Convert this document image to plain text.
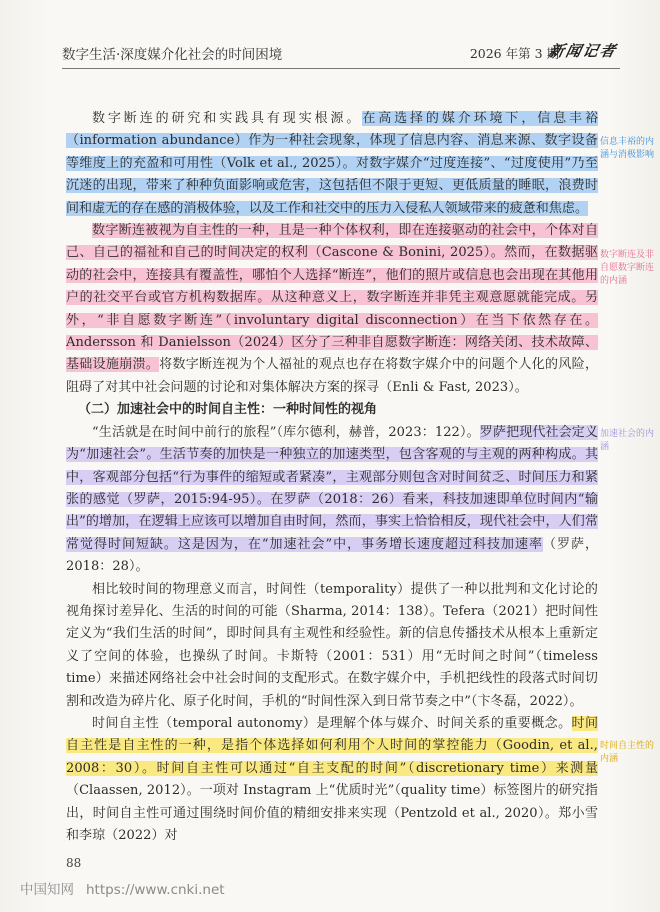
数字生活·深度媒介化社会的时间困境	2026 年第 3 期
新闻记者

数字断连的研究和实践具有现实根源。在高选择的媒介环境下，信息丰裕（information abundance）作为一种社会现象，体现了信息内容、消息来源、数字设备等维度上的充盈和可用性（Volk et al., 2025）。对数字媒介“过度连接”、“过度使用”乃至沉迷的出现，带来了种种负面影响或危害，这包括但不限于更短、更低质量的睡眠，浪费时间和虚无的存在感的消极体验，以及工作和社交中的压力入侵私人领域带来的疲惫和焦虑。

数字断连被视为自主性的一种，且是一种个体权利，即在连接驱动的社会中，个体对自己、自己的福祉和自己的时间决定的权利（Cascone & Bonini, 2025）。然而，在数据驱动的社会中，连接具有覆盖性，哪怕个人选择“断连”，他们的照片或信息也会出现在其他用户的社交平台或官方机构数据库。从这种意义上，数字断连并非凭主观意愿就能完成。另外，“非自愿数字断连”（involuntary digital disconnection）在当下依然存在。Andersson 和 Danielsson（2024）区分了三种非自愿数字断连：网络关闭、技术故障、基础设施崩溃。将数字断连视为个人福祉的观点也存在将数字媒介中的问题个人化的风险，阻碍了对其中社会问题的讨论和对集体解决方案的探寻（Enli & Fast, 2023）。

（二）加速社会中的时间自主性：一种时间性的视角

“生活就是在时间中前行的旅程”（库尔德利，赫普，2023：122）。罗萨把现代社会定义为“加速社会”。生活节奏的加快是一种独立的加速类型，包含客观的与主观的两种构成。其中，客观部分包括“行为事件的缩短或者紧凑”，主观部分则包含对时间贫乏、时间压力和紧张的感觉（罗萨，2015:94-95）。在罗萨（2018：26）看来，科技加速即单位时间内“输出”的增加，在逻辑上应该可以增加自由时间，然而，事实上恰恰相反，现代社会中，人们常常觉得时间短缺。这是因为，在“加速社会”中，事务增长速度超过科技加速率（罗萨，2018：28）。

相比较时间的物理意义而言，时间性（temporality）提供了一种以批判和文化讨论的视角探讨差异化、生活的时间的可能（Sharma, 2014：138）。Tefera（2021）把时间性定义为“我们生活的时间”，即时间具有主观性和经验性。新的信息传播技术从根本上重新定义了空间的体验，也操纵了时间。卡斯特（2001：531）用“无时间之时间”（timeless time）来描述网络社会中社会时间的支配形式。在数字媒介中，手机把线性的段落式时间切割和改造为碎片化、原子化时间，手机的“时间性深入到日常节奏之中”（卞冬磊，2022）。

时间自主性（temporal autonomy）是理解个体与媒介、时间关系的重要概念。时间自主性是自主性的一种，是指个体选择如何利用个人时间的掌控能力（Goodin, et al., 2008：30）。时间自主性可以通过“自主支配的时间”（discretionary time）来测量（Claassen, 2012）。一项对 Instagram 上“优质时光”（quality time）标签图片的研究指出，时间自主性可通过围绕时间价值的精细安排来实现（Pentzold et al., 2020）。郑小雪和李琼（2022）对

信息丰裕的内涵与消极影响
数字断连及非自愿数字断连的内涵
加速社会的内涵
时间自主性的内涵
88
中国知网 https://www.cnki.net
